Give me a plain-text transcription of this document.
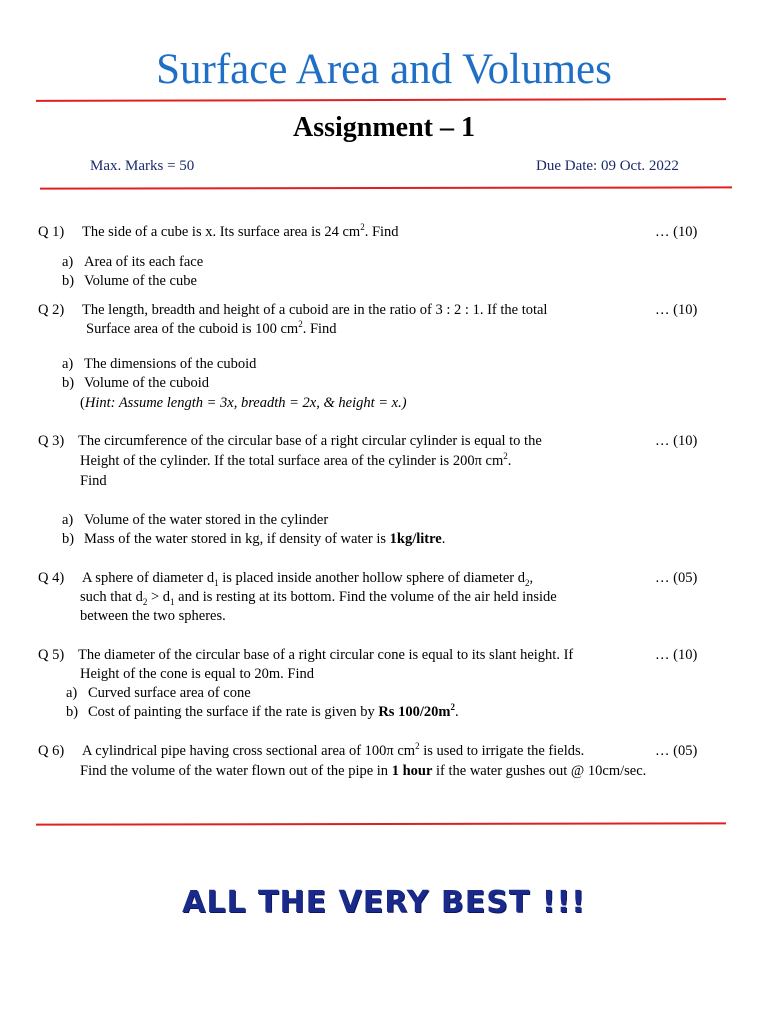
Surface Area and Volumes
Assignment – 1
Max. Marks = 50	Due Date: 09 Oct. 2022
Q 1) The side of a cube is x. Its surface area is 24 $cm^2$. Find	… (10)
a) Area of its each face
b) Volume of the cube
Q 2) The length, breadth and height of a cuboid are in the ratio of 3 : 2 : 1. If the total	… (10)
Surface area of the cuboid is 100 $cm^2$. Find
a) The dimensions of the cuboid
b) Volume of the cuboid
(Hint: Assume length = 3x, breadth = 2x, & height = x.)
Q 3) The circumference of the circular base of a right circular cylinder is equal to the	… (10)
Height of the cylinder. If the total surface area of the cylinder is 200π $cm^2$.
Find
a) Volume of the water stored in the cylinder
b) Mass of the water stored in kg, if density of water is 1kg/litre.
Q 4) A sphere of diameter $d_1$ is placed inside another hollow sphere of diameter $d_2$,	… (05)
such that $d_2 > d_1$ and is resting at its bottom. Find the volume of the air held inside
between the two spheres.
Q 5) The diameter of the circular base of a right circular cone is equal to its slant height. If	… (10)
Height of the cone is equal to 20m. Find
a) Curved surface area of cone
b) Cost of painting the surface if the rate is given by Rs $100/20m^2$.
Q 6) A cylindrical pipe having cross sectional area of 100π $cm^2$ is used to irrigate the fields.	… (05)
Find the volume of the water flown out of the pipe in 1 hour if the water gushes out @ 10cm/sec.
ALL THE VERY BEST !!!
